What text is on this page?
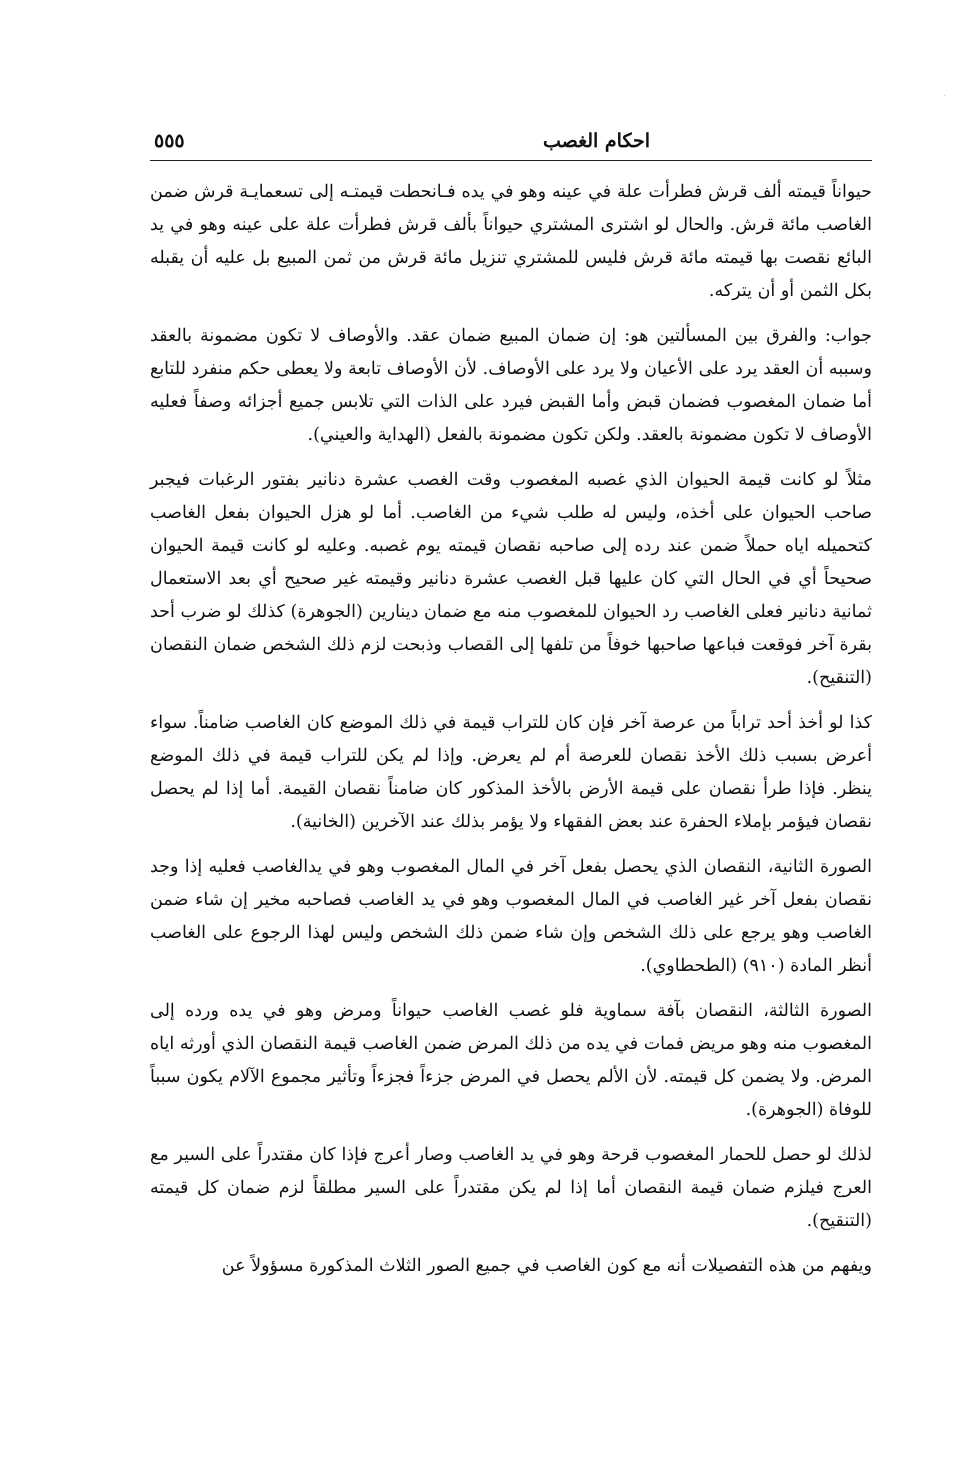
احكام الغصب
٥٥٥

حيواناً قيمته ألف قرش فطرأت علة في عينه وهو في يده فـانحطت قيمتـه إلى تسعمايـة قرش ضمن الغاصب مائة قرش. والحال لو اشترى المشتري حيواناً بألف قرش فطرأت علة على عينه وهو في يد البائع نقصت بها قيمته مائة قرش فليس للمشتري تنزيل مائة قرش من ثمن المبيع بل عليه أن يقبله بكل الثمن أو أن يتركه.

جواب: والفرق بين المسألتين هو: إن ضمان المبيع ضمان عقد. والأوصاف لا تكون مضمونة بالعقد وسببه أن العقد يرد على الأعيان ولا يرد على الأوصاف. لأن الأوصاف تابعة ولا يعطى حكم منفرد للتابع أما ضمان المغصوب فضمان قبض وأما القبض فيرد على الذات التي تلابس جميع أجزائه وصفاً فعليه الأوصاف لا تكون مضمونة بالعقد. ولكن تكون مضمونة بالفعل (الهداية والعيني).

مثلاً لو كانت قيمة الحيوان الذي غصبه المغصوب وقت الغصب عشرة دنانير بفتور الرغبات فيجبر صاحب الحيوان على أخذه، وليس له طلب شيء من الغاصب. أما لو هزل الحيوان بفعل الغاصب كتحميله اياه حملاً ضمن عند رده إلى صاحبه نقصان قيمته يوم غصبه. وعليه لو كانت قيمة الحيوان صحيحاً أي في الحال التي كان عليها قبل الغصب عشرة دنانير وقيمته غير صحيح أي بعد الاستعمال ثمانية دنانير فعلى الغاصب رد الحيوان للمغصوب منه مع ضمان دينارين (الجوهرة) كذلك لو ضرب أحد بقرة آخر فوقعت فباعها صاحبها خوفاً من تلفها إلى القصاب وذبحت لزم ذلك الشخص ضمان النقصان (التنقيح).

كذا لو أخذ أحد تراباً من عرصة آخر فإن كان للتراب قيمة في ذلك الموضع كان الغاصب ضامناً. سواء أعرض بسبب ذلك الأخذ نقصان للعرصة أم لم يعرض. وإذا لم يكن للتراب قيمة في ذلك الموضع ينظر. فإذا طرأ نقصان على قيمة الأرض بالأخذ المذكور كان ضامناً نقصان القيمة. أما إذا لم يحصل نقصان فيؤمر بإملاء الحفرة عند بعض الفقهاء ولا يؤمر بذلك عند الآخرين (الخانية).

الصورة الثانية، النقصان الذي يحصل بفعل آخر في المال المغصوب وهو في يدالغاصب فعليه إذا وجد نقصان بفعل آخر غير الغاصب في المال المغصوب وهو في يد الغاصب فصاحبه مخير إن شاء ضمن الغاصب وهو يرجع على ذلك الشخص وإن شاء ضمن ذلك الشخص وليس لهذا الرجوع على الغاصب أنظر المادة (٩١٠) (الطحطاوي).

الصورة الثالثة، النقصان بآفة سماوية فلو غصب الغاصب حيواناً ومرض وهو في يده ورده إلى المغصوب منه وهو مريض فمات في يده من ذلك المرض ضمن الغاصب قيمة النقصان الذي أورثه اياه المرض. ولا يضمن كل قيمته. لأن الألم يحصل في المرض جزءاً فجزءاً وتأثير مجموع الآلام يكون سبباً للوفاة (الجوهرة).

لذلك لو حصل للحمار المغصوب قرحة وهو في يد الغاصب وصار أعرج فإذا كان مقتدراً على السير مع العرج فيلزم ضمان قيمة النقصان أما إذا لم يكن مقتدراً على السير مطلقاً لزم ضمان كل قيمته (التنقيح).

ويفهم من هذه التفصيلات أنه مع كون الغاصب في جميع الصور الثلاث المذكورة مسؤولاً عن
